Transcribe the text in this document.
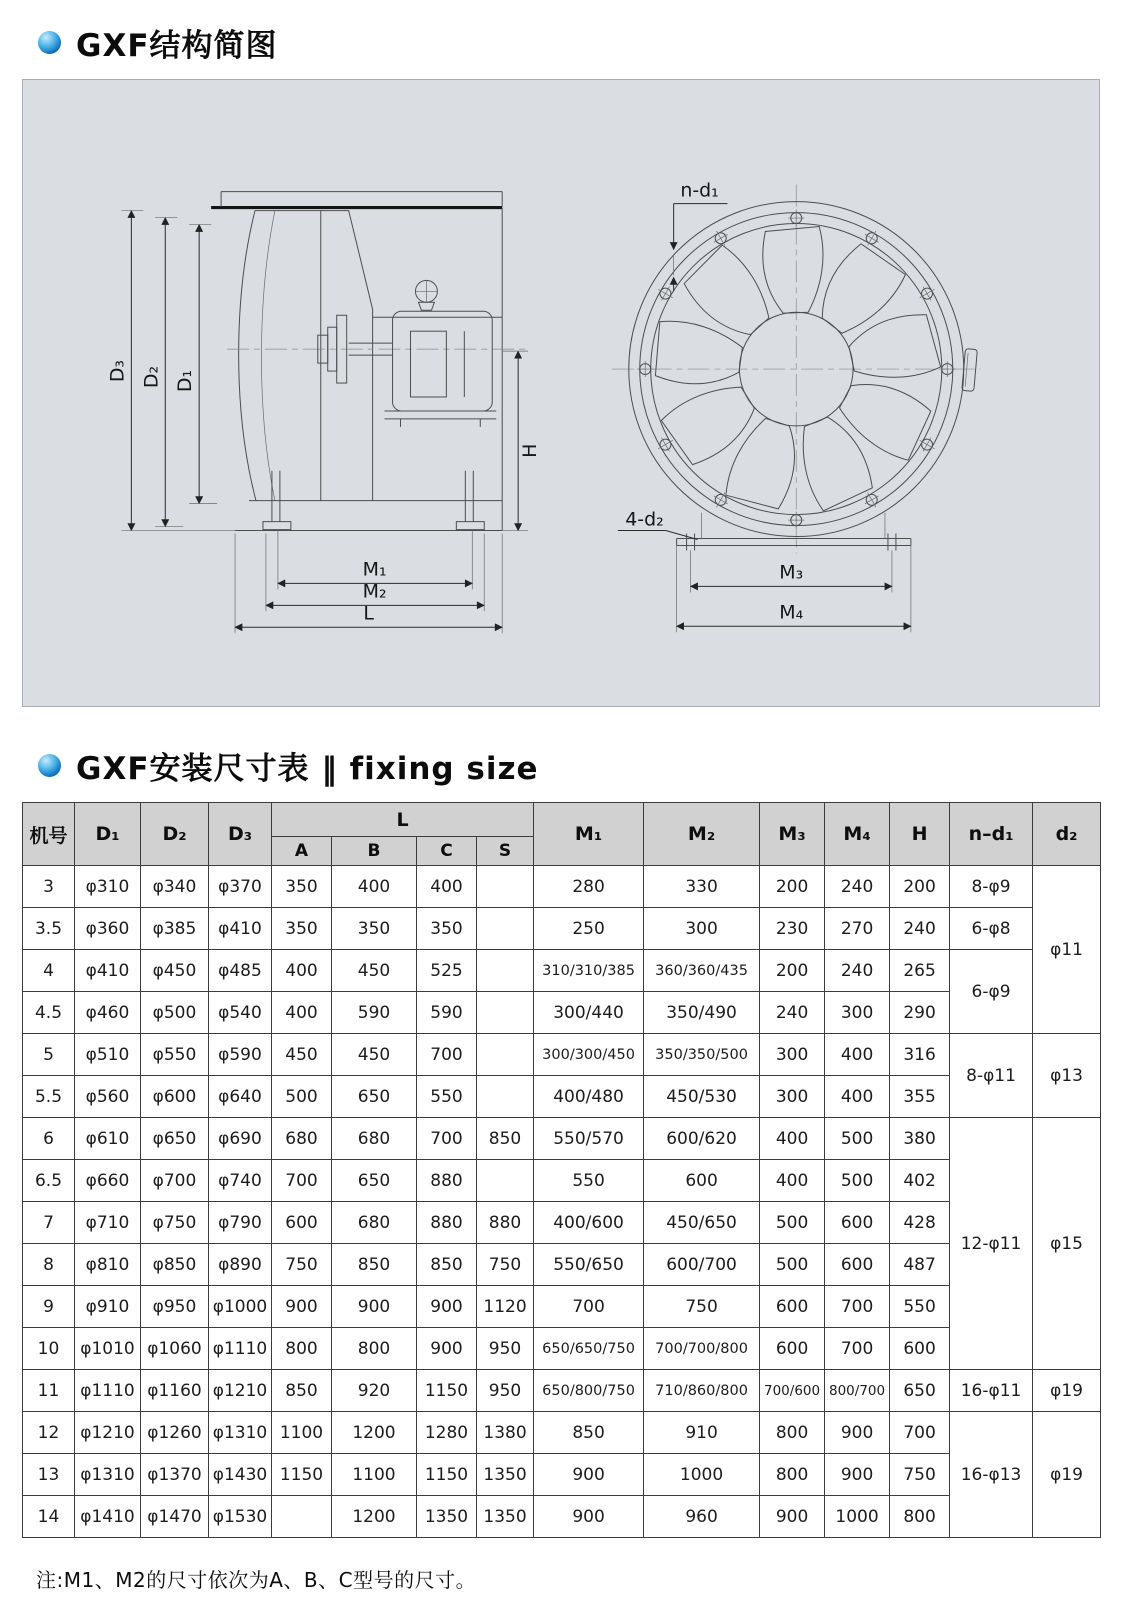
GXF结构简图
D₃ D₂ D₁
H
M₁
M₂
L
n-d₁
4-d₂
M₃
M₄
GXF安装尺寸表 ‖ fixing size
机号	D₁	D₂	D₃	L				M₁	M₂	M₃	M₄	H	n–d₁	d₂
				A	B	C	S							
3	φ310	φ340	φ370	350	400	400		280	330	200	240	200	8-φ9	φ11
3.5	φ360	φ385	φ410	350	350	350		250	300	230	270	240	6-φ8	
4	φ410	φ450	φ485	400	450	525		310/310/385	360/360/435	200	240	265	6-φ9	
4.5	φ460	φ500	φ540	400	590	590		300/440	350/490	240	300	290		
5	φ510	φ550	φ590	450	450	700		300/300/450	350/350/500	300	400	316	8-φ11	φ13
5.5	φ560	φ600	φ640	500	650	550		400/480	450/530	300	400	355		
6	φ610	φ650	φ690	680	680	700	850	550/570	600/620	400	500	380	12-φ11	φ15
6.5	φ660	φ700	φ740	700	650	880		550	600	400	500	402		
7	φ710	φ750	φ790	600	680	880	880	400/600	450/650	500	600	428		
8	φ810	φ850	φ890	750	850	850	750	550/650	600/700	500	600	487		
9	φ910	φ950	φ1000	900	900	900	1120	700	750	600	700	550		
10	φ1010	φ1060	φ1110	800	800	900	950	650/650/750	700/700/800	600	700	600		
11	φ1110	φ1160	φ1210	850	920	1150	950	650/800/750	710/860/800	700/600	800/700	650	16-φ11	φ19
12	φ1210	φ1260	φ1310	1100	1200	1280	1380	850	910	800	900	700	16-φ13	φ19
13	φ1310	φ1370	φ1430	1150	1100	1150	1350	900	1000	800	900	750		
14	φ1410	φ1470	φ1530		1200	1350	1350	900	960	900	1000	800		

注:M1、M2的尺寸依次为A、B、C型号的尺寸。
